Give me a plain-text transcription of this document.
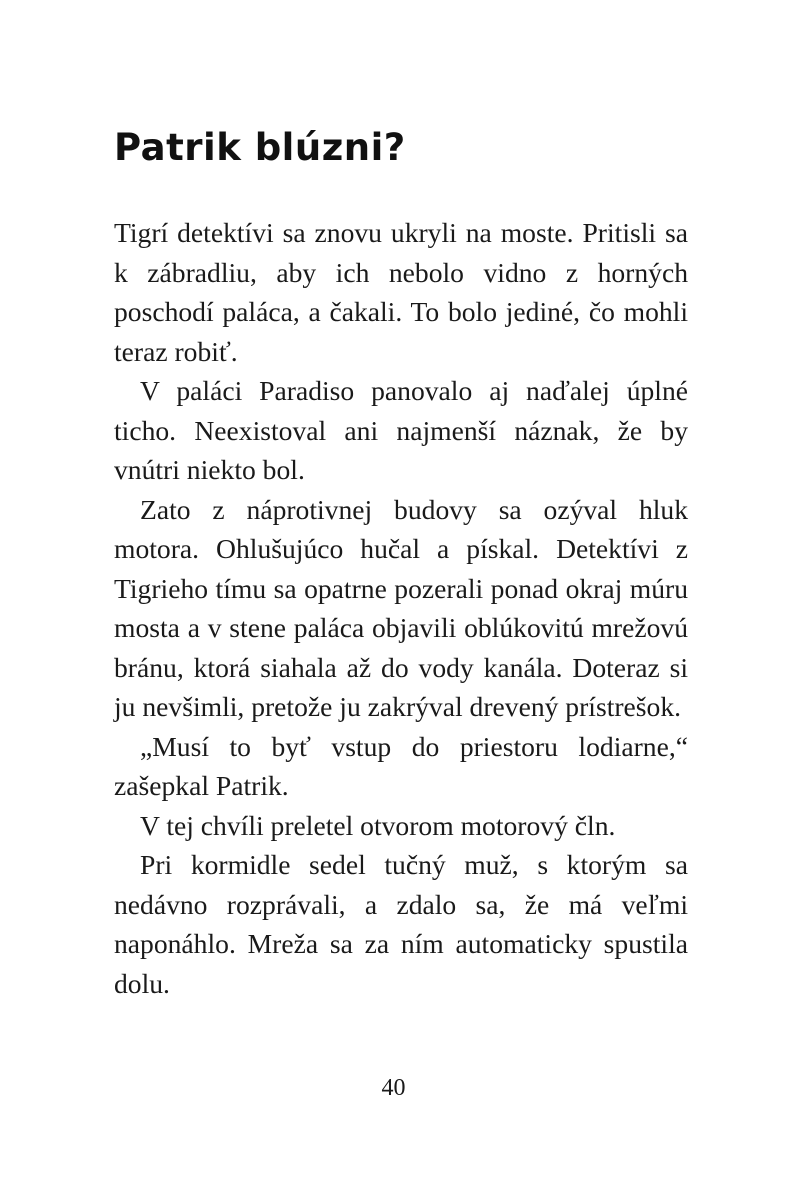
Patrik blúzni?

Tigrí detektívi sa znovu ukryli na moste. Pritisli sa k zábradliu, aby ich nebolo vidno z horných poschodí paláca, a čakali. To bolo jediné, čo mohli teraz robiť.

V paláci Paradiso panovalo aj naďalej úplné ticho. Neexistoval ani najmenší náznak, že by vnútri niekto bol.

Zato z náprotivnej budovy sa ozýval hluk motora. Ohlušujúco hučal a pískal. Detektívi z Tigrieho tímu sa opatrne pozerali ponad okraj múru mosta a v stene paláca objavili oblúkovitú mrežovú bránu, ktorá siahala až do vody kanála. Doteraz si ju nevšimli, pretože ju zakrýval drevený prístrešok.

„Musí to byť vstup do priestoru lodiarne,“ zašepkal Patrik.

V tej chvíli preletel otvorom motorový čln.

Pri kormidle sedel tučný muž, s ktorým sa nedávno rozprávali, a zdalo sa, že má veľmi naponáhlo. Mreža sa za ním automaticky spustila dolu.

40
